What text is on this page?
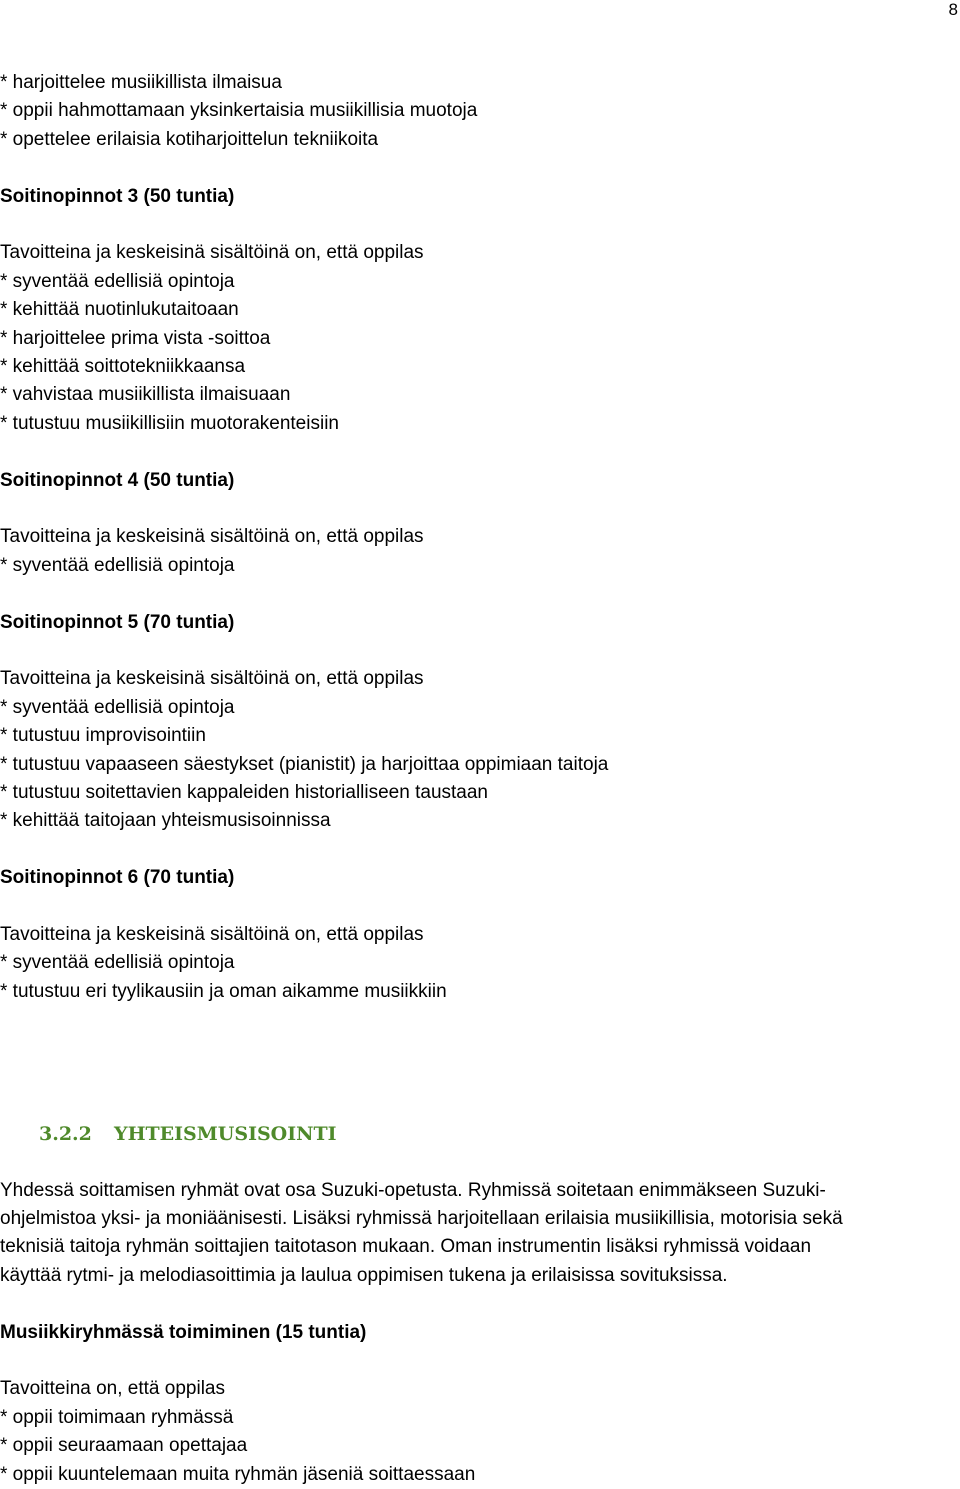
8
* harjoittelee musiikillista ilmaisua
* oppii hahmottamaan yksinkertaisia musiikillisia muotoja
* opettelee erilaisia kotiharjoittelun tekniikoita
Soitinopinnot 3 (50 tuntia)
Tavoitteina ja keskeisinä sisältöinä on, että oppilas
* syventää edellisiä opintoja
* kehittää nuotinlukutaitoaan
* harjoittelee prima vista -soittoa
* kehittää soittotekniikkaansa
* vahvistaa musiikillista ilmaisuaan
* tutustuu musiikillisiin muotorakenteisiin
Soitinopinnot 4 (50 tuntia)
Tavoitteina ja keskeisinä sisältöinä on, että oppilas
* syventää edellisiä opintoja
Soitinopinnot 5 (70 tuntia)
Tavoitteina ja keskeisinä sisältöinä on, että oppilas
* syventää edellisiä opintoja
* tutustuu improvisointiin
* tutustuu vapaaseen säestykset (pianistit) ja harjoittaa oppimiaan taitoja
* tutustuu soitettavien kappaleiden historialliseen taustaan
* kehittää taitojaan yhteismusisoinnissa
Soitinopinnot 6 (70 tuntia)
Tavoitteina ja keskeisinä sisältöinä on, että oppilas
* syventää edellisiä opintoja
* tutustuu eri tyylikausiin ja oman aikamme musiikkiin
3.2.2 YHTEISMUSISOINTI
Yhdessä soittamisen ryhmät ovat osa Suzuki-opetusta. Ryhmissä soitetaan enimmäkseen Suzuki-
ohjelmistoa yksi- ja moniäänisesti. Lisäksi ryhmissä harjoitellaan erilaisia musiikillisia, motorisia sekä
teknisiä taitoja ryhmän soittajien taitotason mukaan. Oman instrumentin lisäksi ryhmissä voidaan
käyttää rytmi- ja melodiasoittimia ja laulua oppimisen tukena ja erilaisissa sovituksissa.
Musiikkiryhmässä toimiminen (15 tuntia)
Tavoitteina on, että oppilas
* oppii toimimaan ryhmässä
* oppii seuraamaan opettajaa
* oppii kuuntelemaan muita ryhmän jäseniä soittaessaan
